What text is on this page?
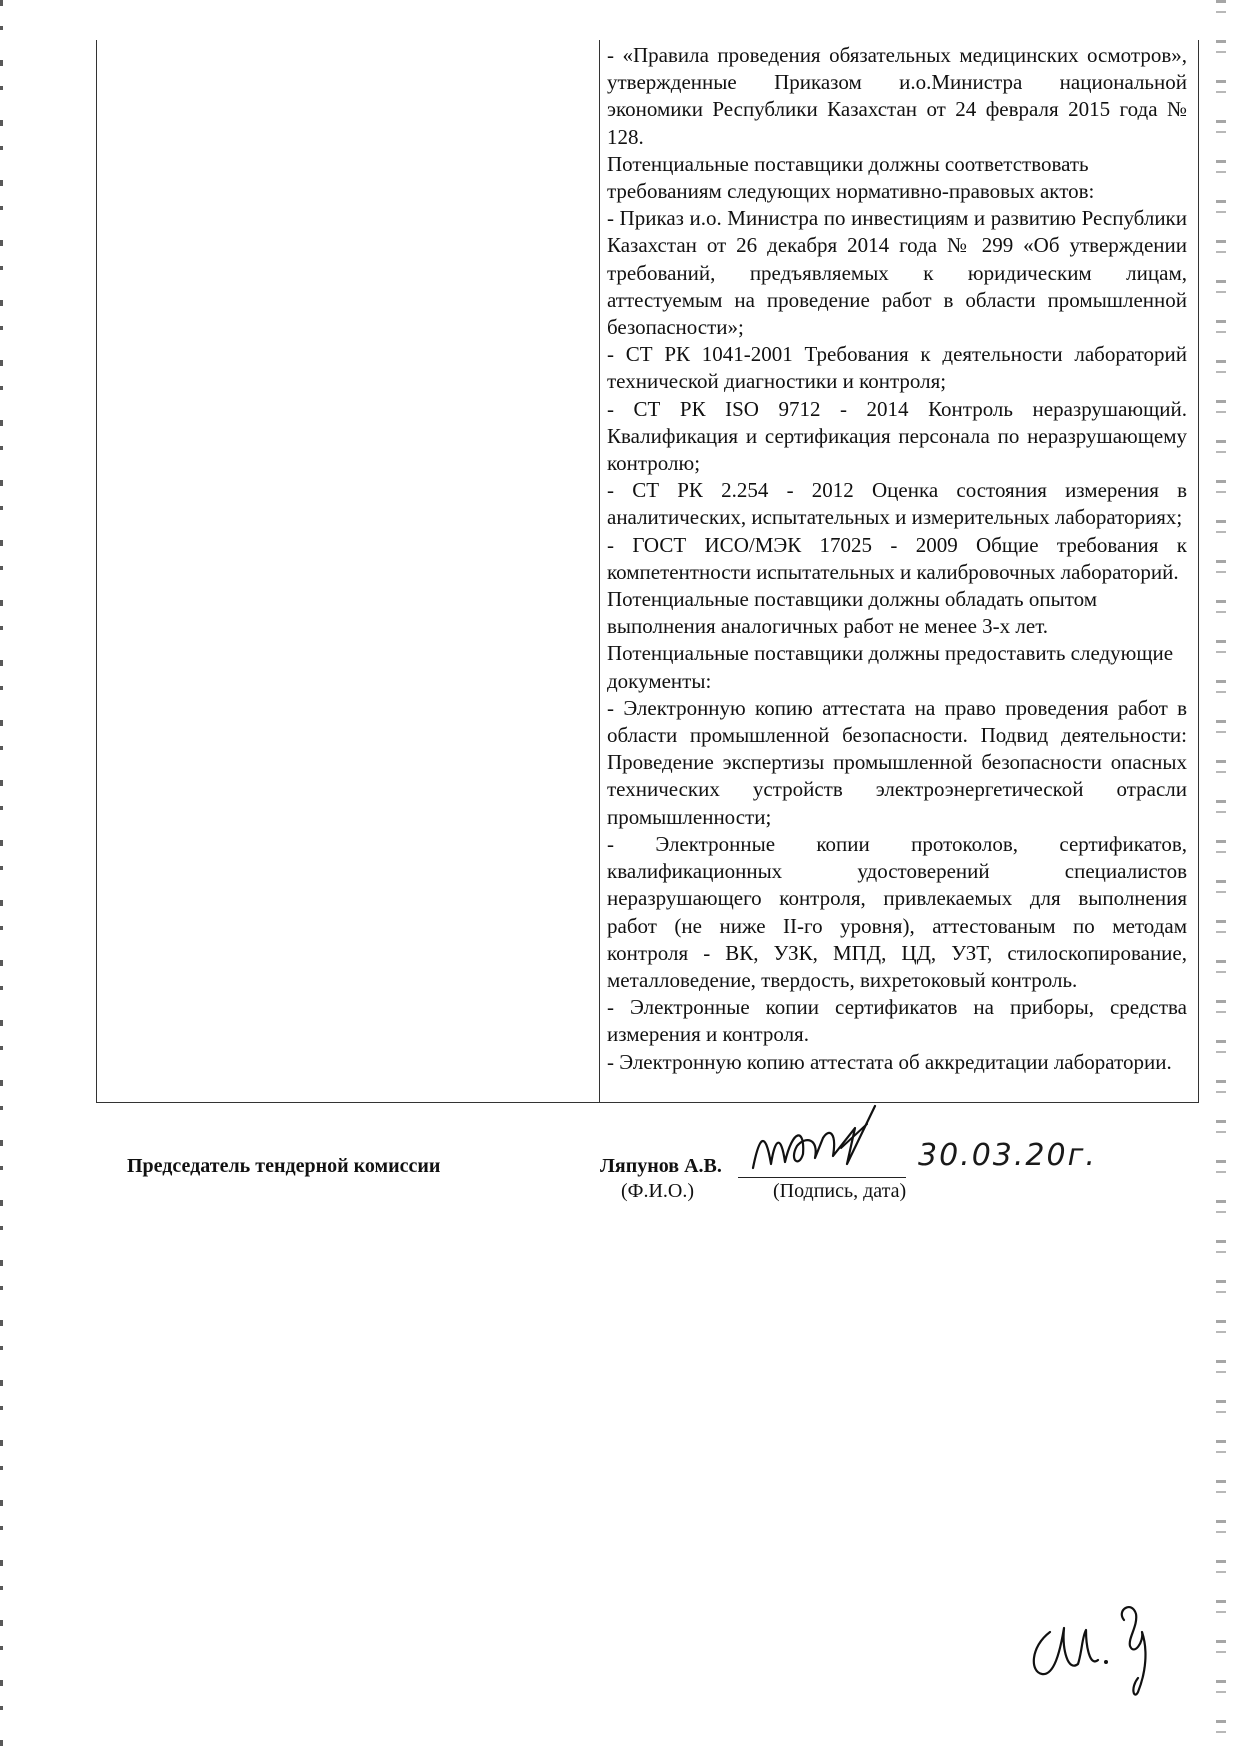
- «Правила проведения обязательных медицинских осмотров», утвержденные Приказом и.о.Министра национальной экономики Республики Казахстан от 24 февраля 2015 года № 128.
Потенциальные поставщики должны соответствовать требованиям следующих нормативно-правовых актов:
- Приказ и.о. Министра по инвестициям и развитию Республики Казахстан от 26 декабря 2014 года № 299 «Об утверждении требований, предъявляемых к юридическим лицам, аттестуемым на проведение работ в области промышленной безопасности»;
- СТ РК 1041-2001 Требования к деятельности лабораторий технической диагностики и контроля;
- СТ РК ISO 9712 - 2014 Контроль неразрушающий. Квалификация и сертификация персонала по неразрушающему контролю;
- СТ РК 2.254 - 2012 Оценка состояния измерения в аналитических, испытательных и измерительных лабораториях;
- ГОСТ ИСО/МЭК 17025 - 2009 Общие требования к компетентности испытательных и калибровочных лабораторий.
Потенциальные поставщики должны обладать опытом выполнения аналогичных работ не менее 3-х лет.
Потенциальные поставщики должны предоставить следующие документы:
- Электронную копию аттестата на право проведения работ в области промышленной безопасности. Подвид деятельности: Проведение экспертизы промышленной безопасности опасных технических устройств электроэнергетической отрасли промышленности;
- Электронные копии протоколов, сертификатов, квалификационных удостоверений специалистов неразрушающего контроля, привлекаемых для выполнения работ (не ниже II-го уровня), аттестованым по методам контроля - ВК, УЗК, МПД, ЦД, УЗТ, стилоскопирование, металловедение, твердость, вихретоковый контроль.
- Электронные копии сертификатов на приборы, средства измерения и контроля.
- Электронную копию аттестата об аккредитации лаборатории.

Председатель тендерной комиссии	Ляпунов А.В.	30.03.20г.

(Ф.И.О.)	(Подпись, дата)
